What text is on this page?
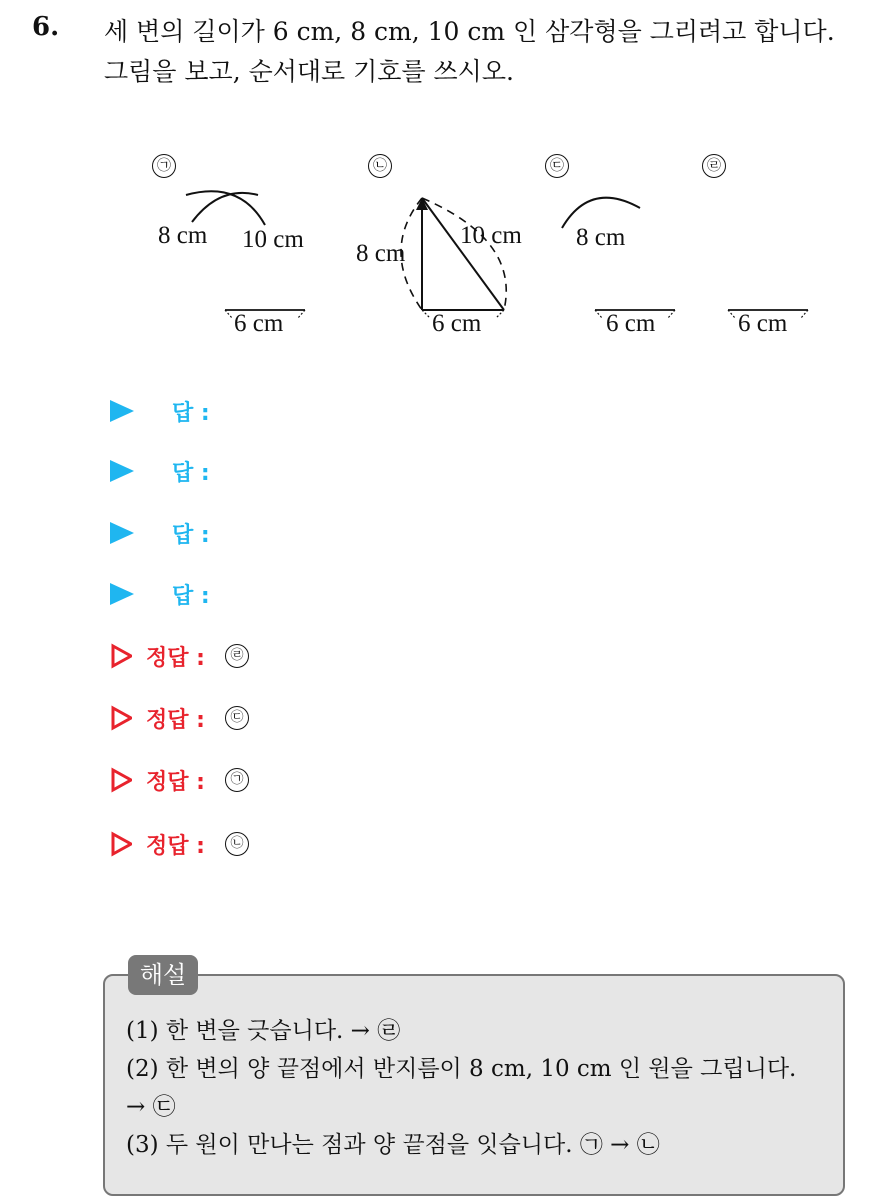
6. 세 변의 길이가 6 cm, 8 cm, 10 cm 인 삼각형을 그리려고 합니다.
그림을 보고, 순서대로 기호를 쓰시오.
㉠	㉡	㉢	㉣
8 cm 10 cm
6 cm
8 cm
10 cm
6 cm
8 cm
6 cm	6 cm
답 :
답 :
답 :
답 :
정답 :	㉣
정답 :	㉢
정답 :	㉠
정답 :	㉡
해설
(1) 한 변을 긋습니다. → ㉣
(2) 한 변의 양 끝점에서 반지름이 8 cm, 10 cm 인 원을 그립니다.
→ ㉢
(3) 두 원이 만나는 점과 양 끝점을 잇습니다. ㉠ → ㉡
